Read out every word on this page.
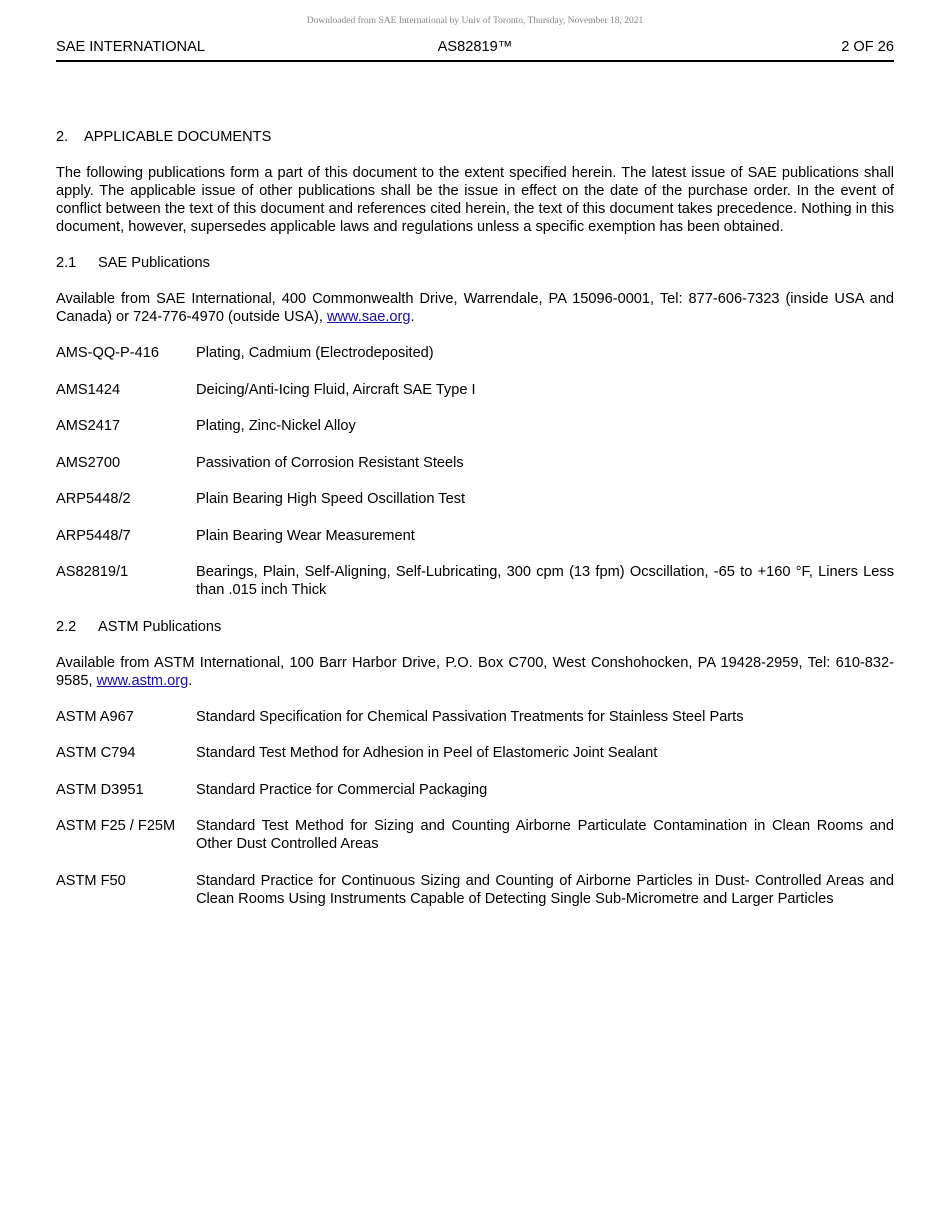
Downloaded from SAE International by Univ of Toronto, Thursday, November 18, 2021
SAE INTERNATIONAL	AS82819™	2 OF 26
2. APPLICABLE DOCUMENTS

The following publications form a part of this document to the extent specified herein. The latest issue of SAE publications shall apply. The applicable issue of other publications shall be the issue in effect on the date of the purchase order. In the event of conflict between the text of this document and references cited herein, the text of this document takes precedence. Nothing in this document, however, supersedes applicable laws and regulations unless a specific exemption has been obtained.

2.1 SAE Publications

Available from SAE International, 400 Commonwealth Drive, Warrendale, PA 15096-0001, Tel: 877-606-7323 (inside USA and Canada) or 724-776-4970 (outside USA), www.sae.org.

AMS-QQ-P-416	Plating, Cadmium (Electrodeposited)
AMS1424	Deicing/Anti-Icing Fluid, Aircraft SAE Type I
AMS2417	Plating, Zinc-Nickel Alloy
AMS2700	Passivation of Corrosion Resistant Steels
ARP5448/2	Plain Bearing High Speed Oscillation Test
ARP5448/7	Plain Bearing Wear Measurement
AS82819/1	Bearings, Plain, Self-Aligning, Self-Lubricating, 300 cpm (13 fpm) Ocscillation, -65 to +160 °F, Liners Less than .015 inch Thick
2.2 ASTM Publications

Available from ASTM International, 100 Barr Harbor Drive, P.O. Box C700, West Conshohocken, PA 19428-2959, Tel: 610-832-9585, www.astm.org.

ASTM A967	Standard Specification for Chemical Passivation Treatments for Stainless Steel Parts
ASTM C794	Standard Test Method for Adhesion in Peel of Elastomeric Joint Sealant
ASTM D3951	Standard Practice for Commercial Packaging
ASTM F25 / F25M	Standard Test Method for Sizing and Counting Airborne Particulate Contamination in Clean Rooms and Other Dust Controlled Areas
ASTM F50	Standard Practice for Continuous Sizing and Counting of Airborne Particles in Dust- Controlled Areas and Clean Rooms Using Instruments Capable of Detecting Single Sub-Micrometre and Larger Particles
